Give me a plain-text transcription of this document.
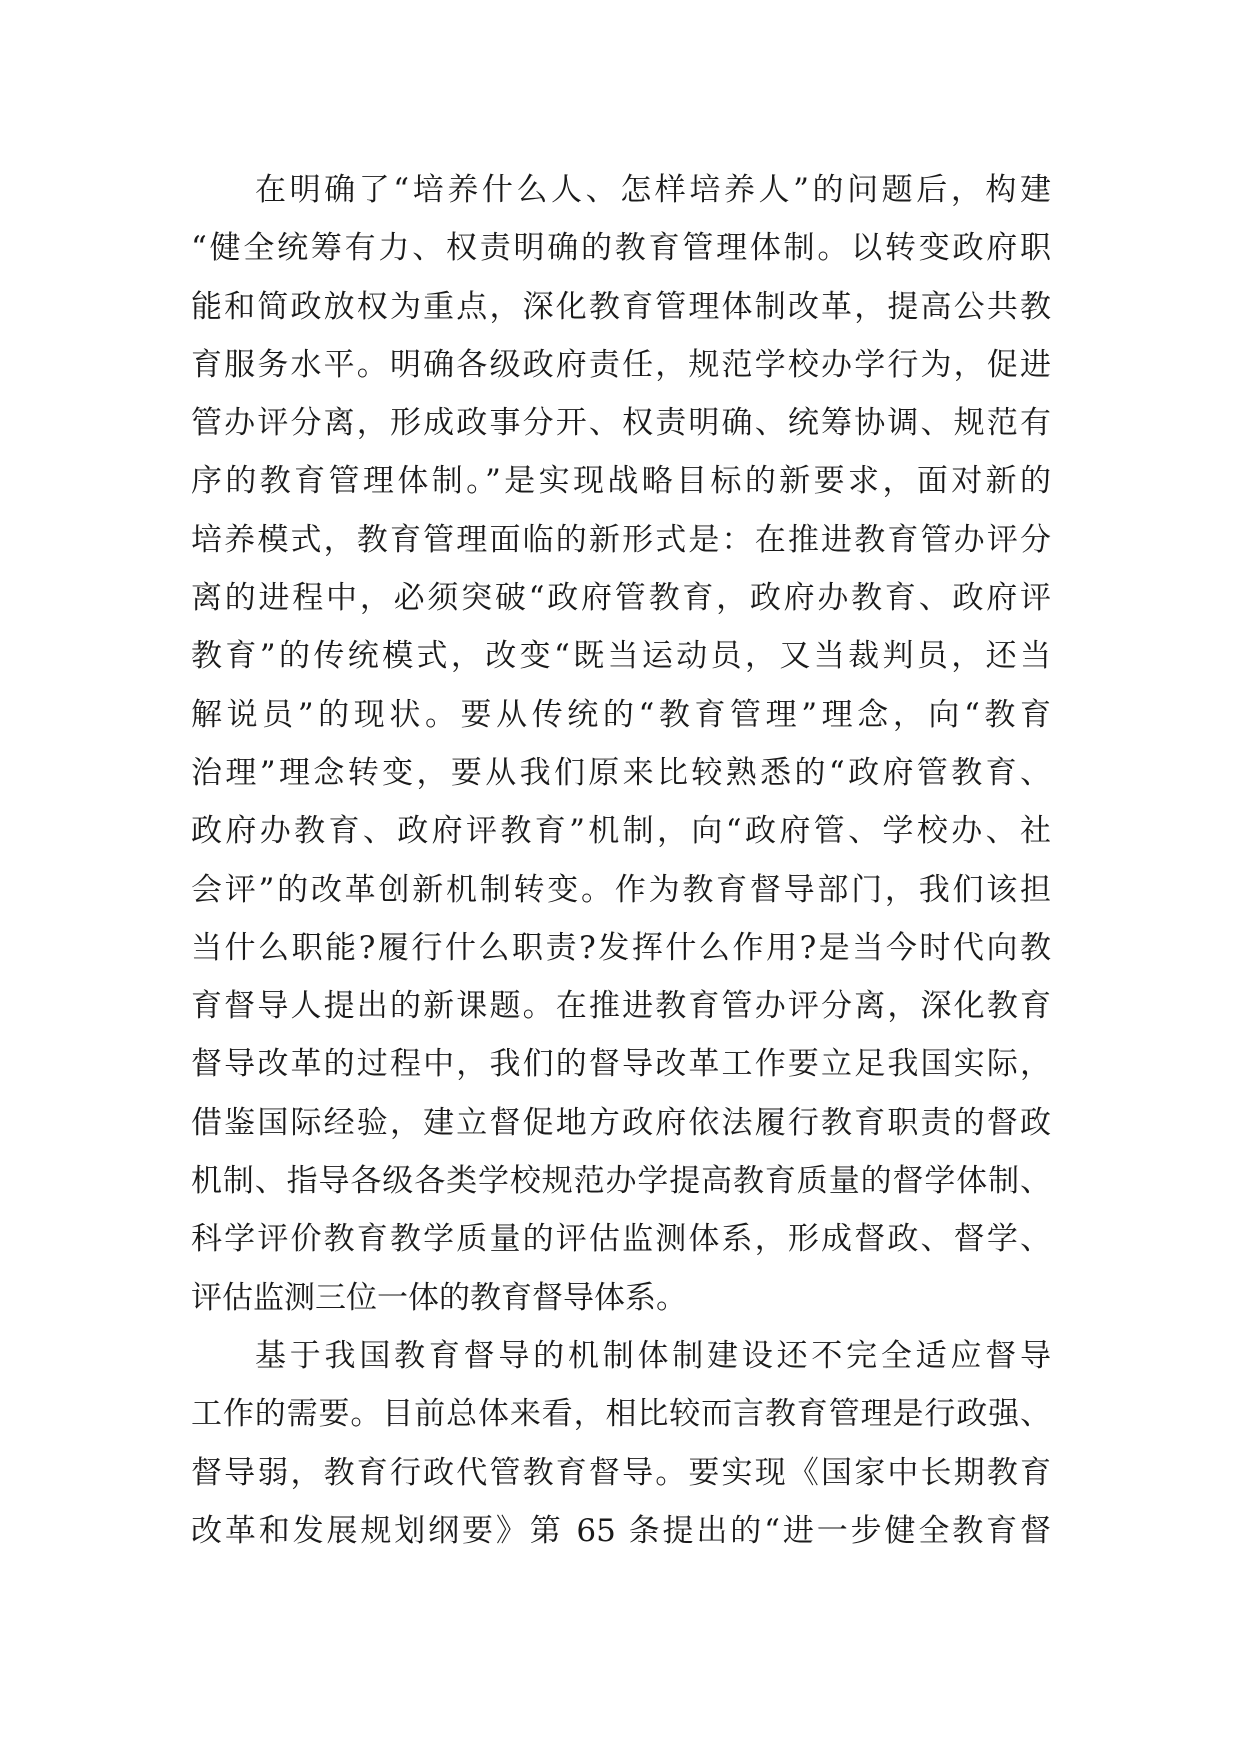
在明确了“培养什么人、怎样培养人”的问题后，构建
“健全统筹有力、权责明确的教育管理体制。以转变政府职
能和简政放权为重点，深化教育管理体制改革，提高公共教
育服务水平。明确各级政府责任，规范学校办学行为，促进
管办评分离，形成政事分开、权责明确、统筹协调、规范有
序的教育管理体制。”是实现战略目标的新要求，面对新的
培养模式，教育管理面临的新形式是：在推进教育管办评分
离的进程中，必须突破“政府管教育，政府办教育、政府评
教育”的传统模式，改变“既当运动员，又当裁判员，还当
解说员”的现状。要从传统的“教育管理”理念，向“教育
治理”理念转变，要从我们原来比较熟悉的“政府管教育、
政府办教育、政府评教育”机制，向“政府管、学校办、社
会评”的改革创新机制转变。作为教育督导部门，我们该担
当什么职能?履行什么职责?发挥什么作用?是当今时代向教
育督导人提出的新课题。在推进教育管办评分离，深化教育
督导改革的过程中，我们的督导改革工作要立足我国实际，
借鉴国际经验，建立督促地方政府依法履行教育职责的督政
机制、指导各级各类学校规范办学提高教育质量的督学体制、
科学评价教育教学质量的评估监测体系，形成督政、督学、
评估监测三位一体的教育督导体系。
基于我国教育督导的机制体制建设还不完全适应督导
工作的需要。目前总体来看，相比较而言教育管理是行政强、
督导弱，教育行政代管教育督导。要实现《国家中长期教育
改革和发展规划纲要》第 65 条提出的“进一步健全教育督
